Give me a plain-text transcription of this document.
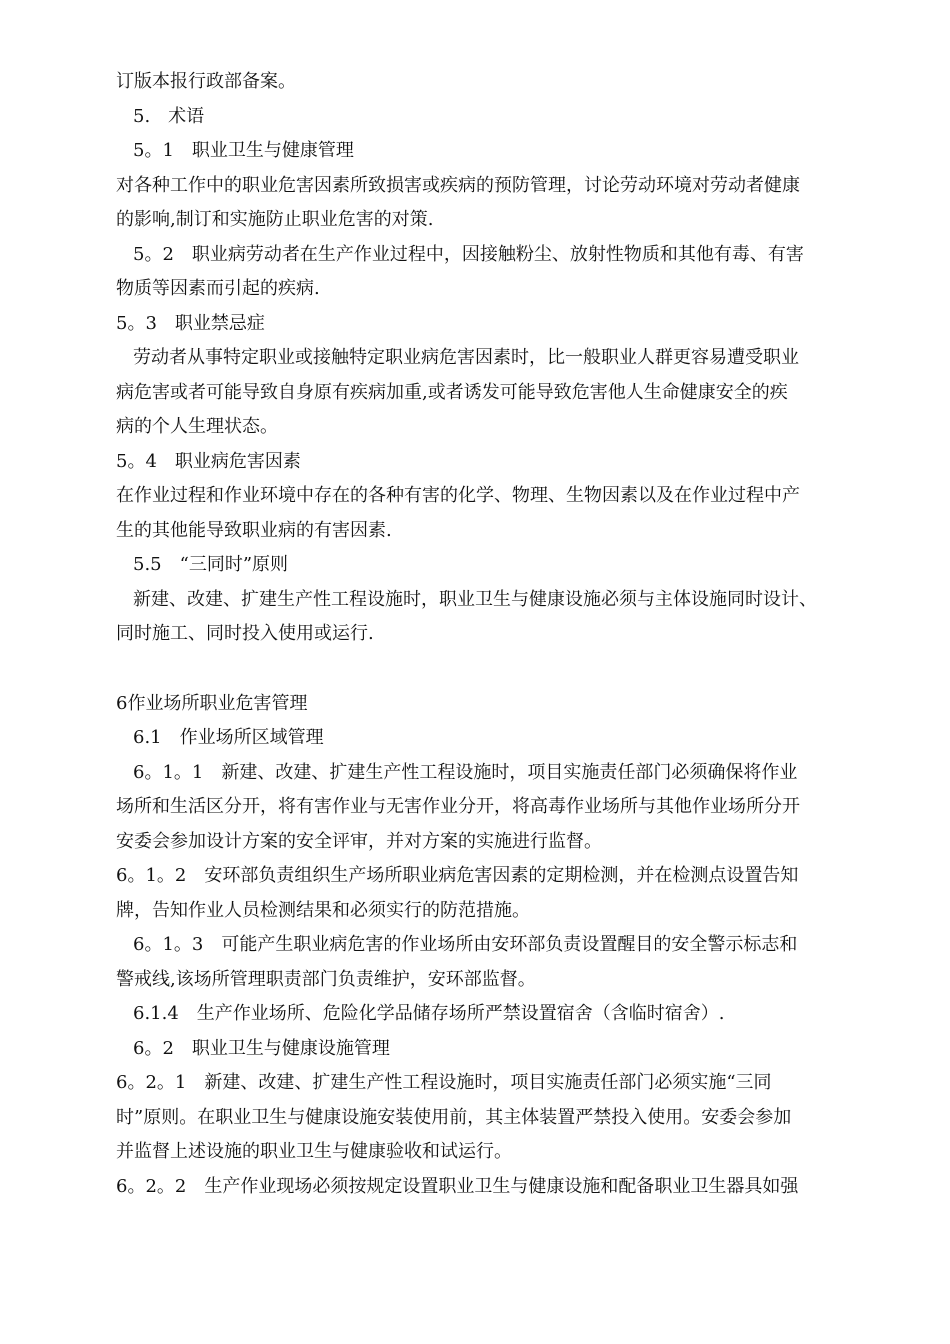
订版本报行政部备案。
5.　术语
5。1　职业卫生与健康管理
对各种工作中的职业危害因素所致损害或疾病的预防管理，讨论劳动环境对劳动者健康
的影响,制订和实施防止职业危害的对策.
5。2　职业病劳动者在生产作业过程中，因接触粉尘、放射性物质和其他有毒、有害
物质等因素而引起的疾病.
5。3　职业禁忌症
劳动者从事特定职业或接触特定职业病危害因素时，比一般职业人群更容易遭受职业
病危害或者可能导致自身原有疾病加重,或者诱发可能导致危害他人生命健康安全的疾
病的个人生理状态。
5。4　职业病危害因素
在作业过程和作业环境中存在的各种有害的化学、物理、生物因素以及在作业过程中产
生的其他能导致职业病的有害因素.
5.5　“三同时”原则
新建、改建、扩建生产性工程设施时，职业卫生与健康设施必须与主体设施同时设计、
同时施工、同时投入使用或运行.
6作业场所职业危害管理
6.1　作业场所区域管理
6。1。1　新建、改建、扩建生产性工程设施时，项目实施责任部门必须确保将作业
场所和生活区分开，将有害作业与无害作业分开，将高毒作业场所与其他作业场所分开
安委会参加设计方案的安全评审，并对方案的实施进行监督。
6。1。2　安环部负责组织生产场所职业病危害因素的定期检测，并在检测点设置告知
牌，告知作业人员检测结果和必须实行的防范措施。
6。1。3　可能产生职业病危害的作业场所由安环部负责设置醒目的安全警示标志和
警戒线,该场所管理职责部门负责维护，安环部监督。
6.1.4　生产作业场所、危险化学品储存场所严禁设置宿舍（含临时宿舍）.
6。2　职业卫生与健康设施管理
6。2。1　新建、改建、扩建生产性工程设施时，项目实施责任部门必须实施“三同
时”原则。在职业卫生与健康设施安装使用前，其主体装置严禁投入使用。安委会参加
并监督上述设施的职业卫生与健康验收和试运行。
6。2。2　生产作业现场必须按规定设置职业卫生与健康设施和配备职业卫生器具如强
